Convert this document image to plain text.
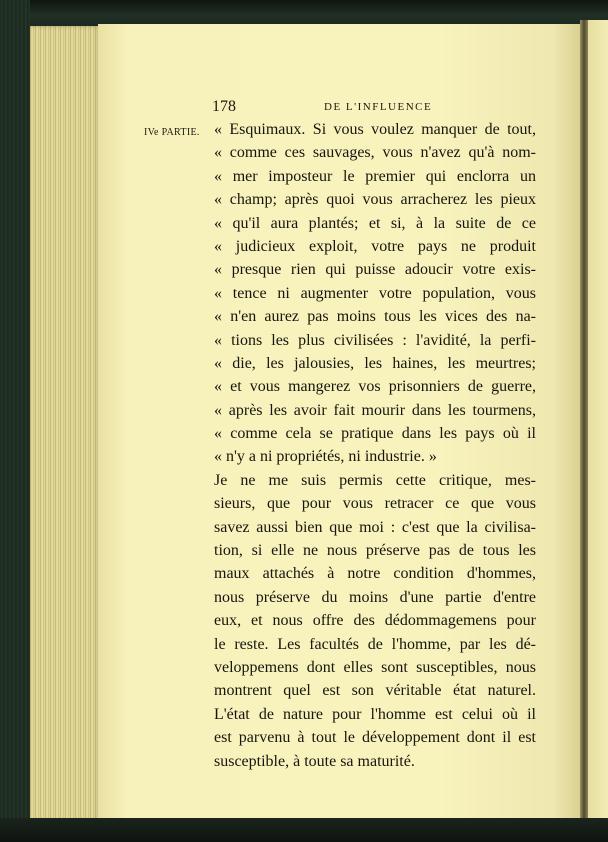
178	DE L'INFLUENCE
IVe PARTIE. « Esquimaux. Si vous voulez manquer de tout,
« comme ces sauvages, vous n'avez qu'à nom-
« mer imposteur le premier qui enclorra un
« champ; après quoi vous arracherez les pieux
« qu'il aura plantés; et si, à la suite de ce
« judicieux exploit, votre pays ne produit
« presque rien qui puisse adoucir votre exis-
« tence ni augmenter votre population, vous
« n'en aurez pas moins tous les vices des na-
« tions les plus civilisées : l'avidité, la perfi-
« die, les jalousies, les haines, les meurtres;
« et vous mangerez vos prisonniers de guerre,
« après les avoir fait mourir dans les tourmens,
« comme cela se pratique dans les pays où il
« n'y a ni propriétés, ni industrie. »
Je ne me suis permis cette critique, mes-
sieurs, que pour vous retracer ce que vous
savez aussi bien que moi : c'est que la civilisa-
tion, si elle ne nous préserve pas de tous les
maux attachés à notre condition d'hommes,
nous préserve du moins d'une partie d'entre
eux, et nous offre des dédommagemens pour
le reste. Les facultés de l'homme, par les dé-
veloppemens dont elles sont susceptibles, nous
montrent quel est son véritable état naturel.
L'état de nature pour l'homme est celui où il
est parvenu à tout le développement dont il est
susceptible, à toute sa maturité.
